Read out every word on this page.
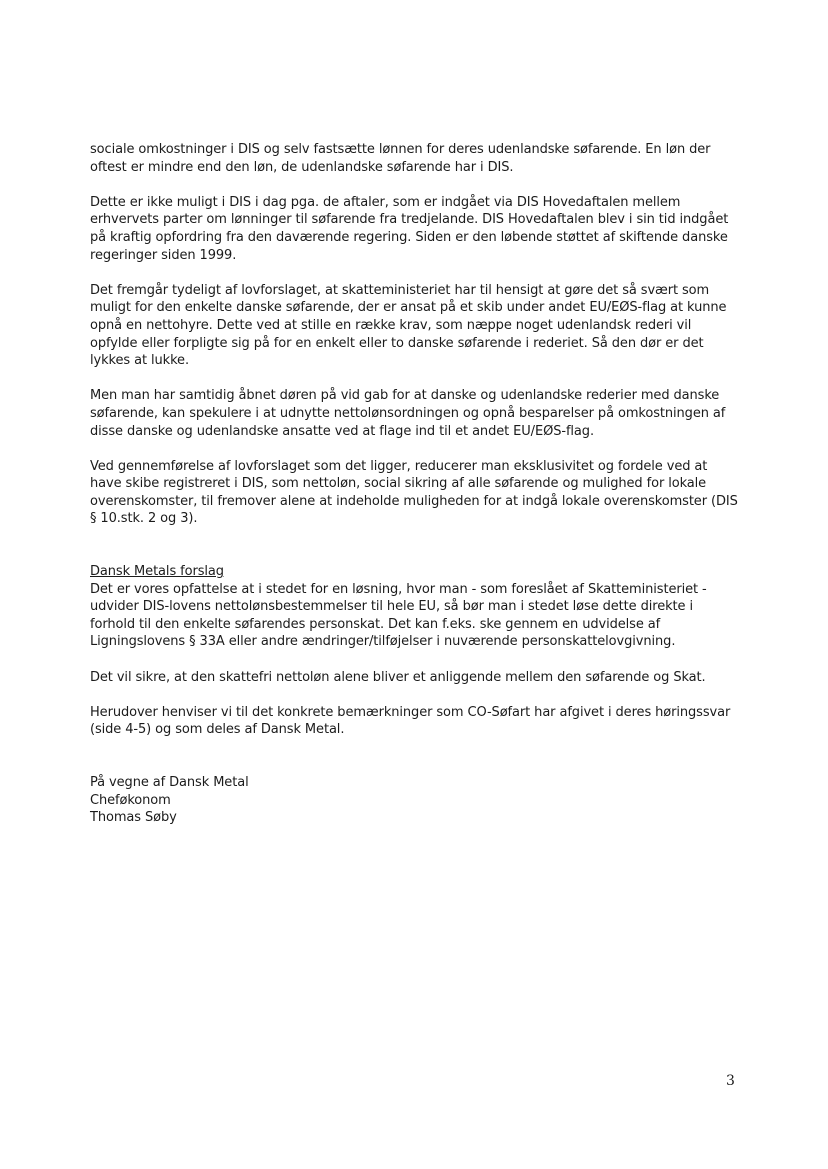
sociale omkostninger i DIS og selv fastsætte lønnen for deres udenlandske søfarende. En løn der oftest er mindre end den løn, de udenlandske søfarende har i DIS.

Dette er ikke muligt i DIS i dag pga. de aftaler, som er indgået via DIS Hovedaftalen mellem erhvervets parter om lønninger til søfarende fra tredjelande. DIS Hovedaftalen blev i sin tid indgået på kraftig opfordring fra den daværende regering. Siden er den løbende støttet af skiftende danske regeringer siden 1999.

Det fremgår tydeligt af lovforslaget, at skatteministeriet har til hensigt at gøre det så svært som muligt for den enkelte danske søfarende, der er ansat på et skib under andet EU/EØS-flag at kunne opnå en nettohyre. Dette ved at stille en række krav, som næppe noget udenlandsk rederi vil opfylde eller forpligte sig på for en enkelt eller to danske søfarende i rederiet. Så den dør er det lykkes at lukke.

Men man har samtidig åbnet døren på vid gab for at danske og udenlandske rederier med danske søfarende, kan spekulere i at udnytte nettolønsordningen og opnå besparelser på omkostningen af disse danske og udenlandske ansatte ved at flage ind til et andet EU/EØS-flag.

Ved gennemførelse af lovforslaget som det ligger, reducerer man eksklusivitet og fordele ved at have skibe registreret i DIS, som nettoløn, social sikring af alle søfarende og mulighed for lokale overenskomster, til fremover alene at indeholde muligheden for at indgå lokale overenskomster (DIS § 10.stk. 2 og 3).

Dansk Metals forslag

Det er vores opfattelse at i stedet for en løsning, hvor man - som foreslået af Skatteministeriet - udvider DIS-lovens nettolønsbestemmelser til hele EU, så bør man i stedet løse dette direkte i forhold til den enkelte søfarendes personskat. Det kan f.eks. ske gennem en udvidelse af Ligningslovens § 33A eller andre ændringer/tilføjelser i nuværende personskattelovgivning.

Det vil sikre, at den skattefri nettoløn alene bliver et anliggende mellem den søfarende og Skat.

Herudover henviser vi til det konkrete bemærkninger som CO-Søfart har afgivet i deres høringssvar (side 4-5) og som deles af Dansk Metal.

På vegne af Dansk Metal
Cheføkonom
Thomas Søby
3
